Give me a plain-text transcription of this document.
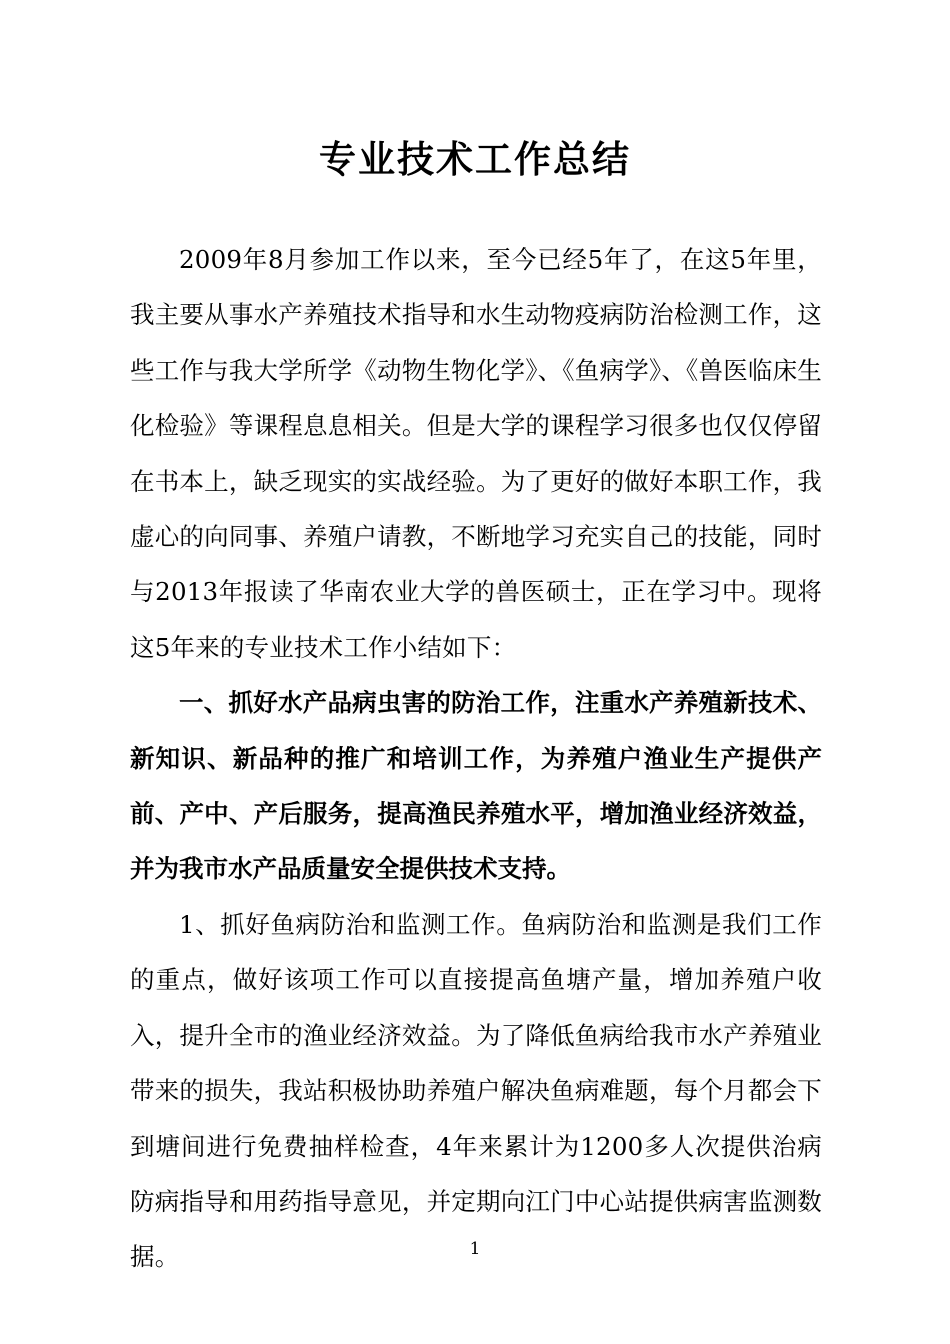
专业技术工作总结

2009年8月参加工作以来，至今已经5年了，在这5年里，我主要从事水产养殖技术指导和水生动物疫病防治检测工作，这些工作与我大学所学《动物生物化学》、《鱼病学》、《兽医临床生化检验》等课程息息相关。但是大学的课程学习很多也仅仅停留在书本上，缺乏现实的实战经验。为了更好的做好本职工作，我虚心的向同事、养殖户请教，不断地学习充实自己的技能，同时与2013年报读了华南农业大学的兽医硕士，正在学习中。现将这5年来的专业技术工作小结如下：

一、抓好水产品病虫害的防治工作，注重水产养殖新技术、新知识、新品种的推广和培训工作，为养殖户渔业生产提供产前、产中、产后服务，提高渔民养殖水平，增加渔业经济效益，并为我市水产品质量安全提供技术支持。

1、抓好鱼病防治和监测工作。鱼病防治和监测是我们工作的重点，做好该项工作可以直接提高鱼塘产量，增加养殖户收入，提升全市的渔业经济效益。为了降低鱼病给我市水产养殖业带来的损失，我站积极协助养殖户解决鱼病难题，每个月都会下到塘间进行免费抽样检查，4年来累计为1200多人次提供治病防病指导和用药指导意见，并定期向江门中心站提供病害监测数据。	1
